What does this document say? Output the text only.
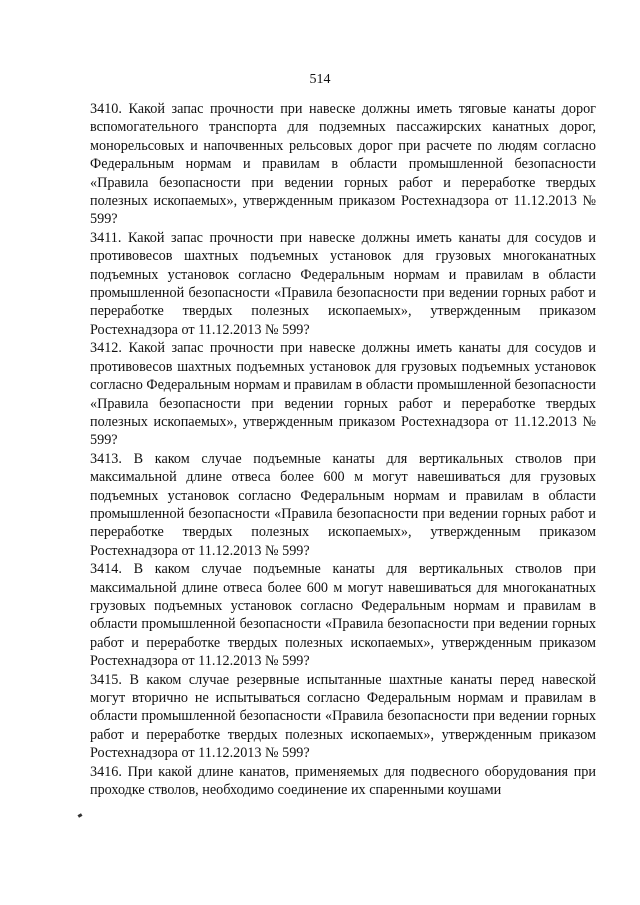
514

3410. Какой запас прочности при навеске должны иметь тяговые канаты дорог вспомогательного транспорта для подземных пассажирских канатных дорог, монорельсовых и напочвенных рельсовых дорог при расчете по людям согласно Федеральным нормам и правилам в области промышленной безопасности «Правила безопасности при ведении горных работ и переработке твердых полезных ископаемых», утвержденным приказом Ростехнадзора от 11.12.2013 № 599?

3411. Какой запас прочности при навеске должны иметь канаты для сосудов и противовесов шахтных подъемных установок для грузовых многоканатных подъемных установок согласно Федеральным нормам и правилам в области промышленной безопасности «Правила безопасности при ведении горных работ и переработке твердых полезных ископаемых», утвержденным приказом Ростехнадзора от 11.12.2013 № 599?

3412. Какой запас прочности при навеске должны иметь канаты для сосудов и противовесов шахтных подъемных установок для грузовых подъемных установок согласно Федеральным нормам и правилам в области промышленной безопасности «Правила безопасности при ведении горных работ и переработке твердых полезных ископаемых», утвержденным приказом Ростехнадзора от 11.12.2013 № 599?

3413. В каком случае подъемные канаты для вертикальных стволов при максимальной длине отвеса более 600 м могут навешиваться для грузовых подъемных установок согласно Федеральным нормам и правилам в области промышленной безопасности «Правила безопасности при ведении горных работ и переработке твердых полезных ископаемых», утвержденным приказом Ростехнадзора от 11.12.2013 № 599?

3414. В каком случае подъемные канаты для вертикальных стволов при максимальной длине отвеса более 600 м могут навешиваться для многоканатных грузовых подъемных установок согласно Федеральным нормам и правилам в области промышленной безопасности «Правила безопасности при ведении горных работ и переработке твердых полезных ископаемых», утвержденным приказом Ростехнадзора от 11.12.2013 № 599?

3415. В каком случае резервные испытанные шахтные канаты перед навеской могут вторично не испытываться согласно Федеральным нормам и правилам в области промышленной безопасности «Правила безопасности при ведении горных работ и переработке твердых полезных ископаемых», утвержденным приказом Ростехнадзора от 11.12.2013 № 599?

3416. При какой длине канатов, применяемых для подвесного оборудования при проходке стволов, необходимо соединение их спаренными коушами
